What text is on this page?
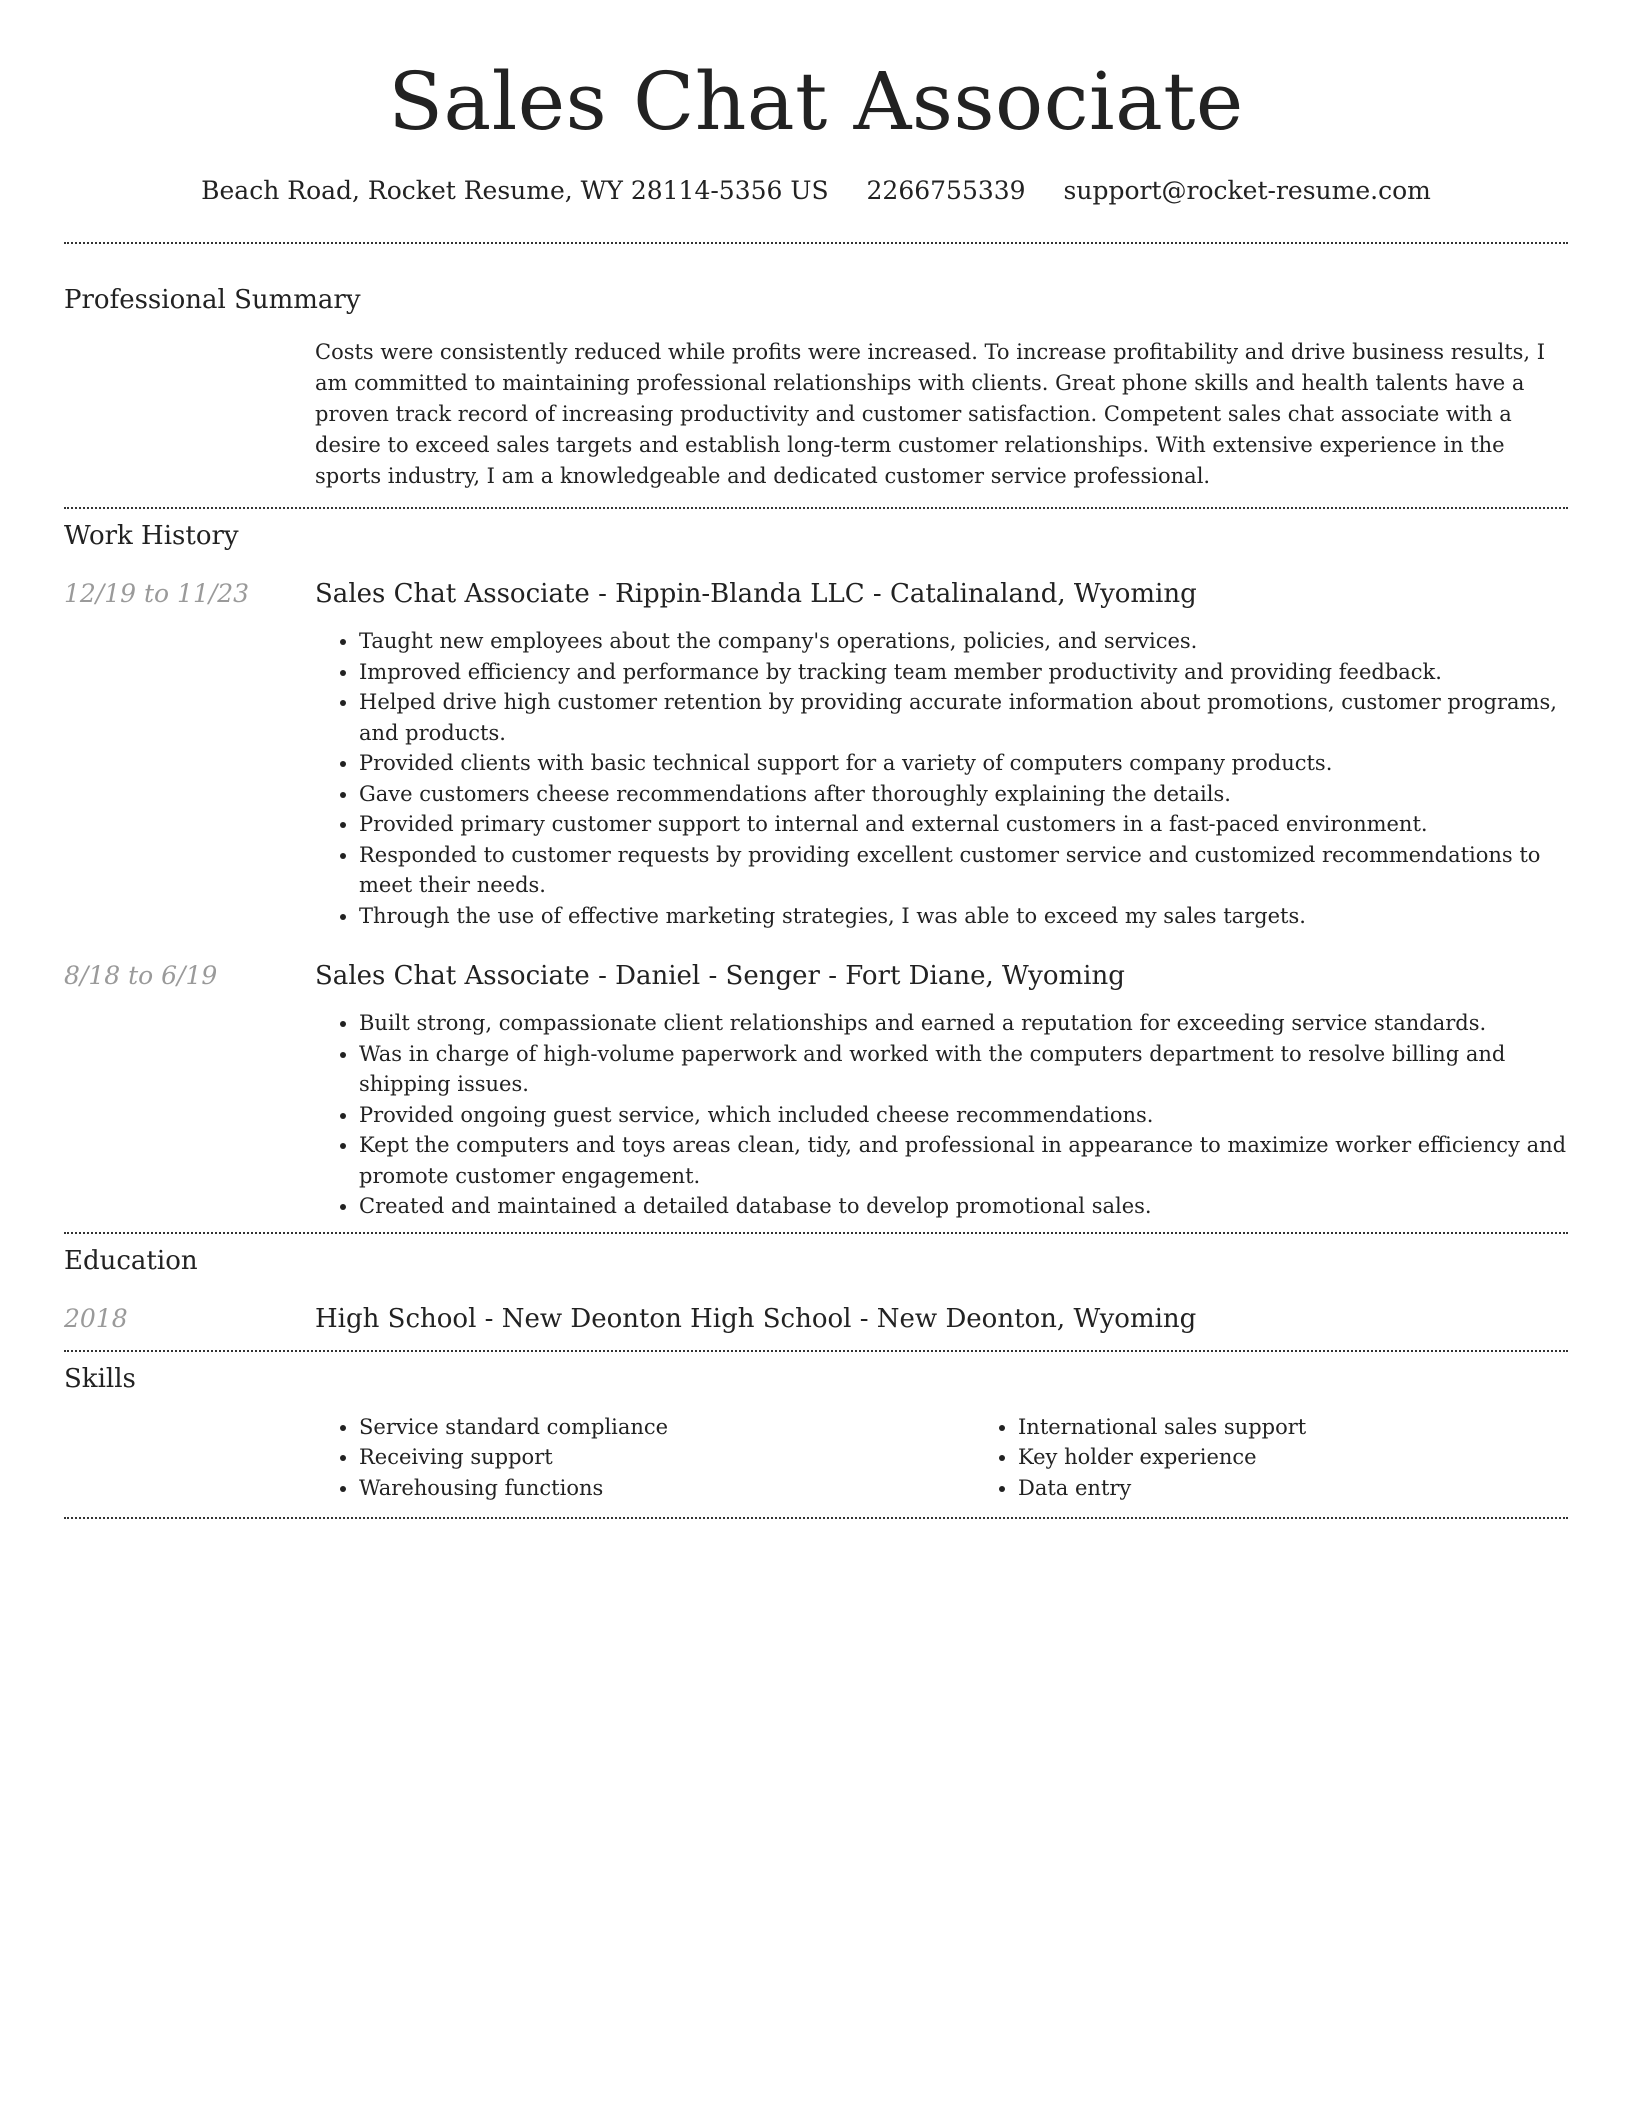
Sales Chat Associate
Beach Road, Rocket Resume, WY 28114-5356 US 2266755339 support@rocket-resume.com
Professional Summary
Costs were consistently reduced while profits were increased. To increase profitability and drive business results, I am committed to maintaining professional relationships with clients. Great phone skills and health talents have a proven track record of increasing productivity and customer satisfaction. Competent sales chat associate with a desire to exceed sales targets and establish long-term customer relationships. With extensive experience in the sports industry, I am a knowledgeable and dedicated customer service professional.
Work History
12/19 to 11/23	Sales Chat Associate - Rippin-Blanda LLC - Catalinaland, Wyoming
• Taught new employees about the company's operations, policies, and services.
• Improved efficiency and performance by tracking team member productivity and providing feedback.
• Helped drive high customer retention by providing accurate information about promotions, customer programs, and products.
• Provided clients with basic technical support for a variety of computers company products.
• Gave customers cheese recommendations after thoroughly explaining the details.
• Provided primary customer support to internal and external customers in a fast-paced environment.
• Responded to customer requests by providing excellent customer service and customized recommendations to meet their needs.
• Through the use of effective marketing strategies, I was able to exceed my sales targets.
8/18 to 6/19	Sales Chat Associate - Daniel - Senger - Fort Diane, Wyoming
• Built strong, compassionate client relationships and earned a reputation for exceeding service standards.
• Was in charge of high-volume paperwork and worked with the computers department to resolve billing and shipping issues.
• Provided ongoing guest service, which included cheese recommendations.
• Kept the computers and toys areas clean, tidy, and professional in appearance to maximize worker efficiency and promote customer engagement.
• Created and maintained a detailed database to develop promotional sales.
Education
2018	High School - New Deonton High School - New Deonton, Wyoming
Skills
• Service standard compliance
• Receiving support
• Warehousing functions
• International sales support
• Key holder experience
• Data entry
